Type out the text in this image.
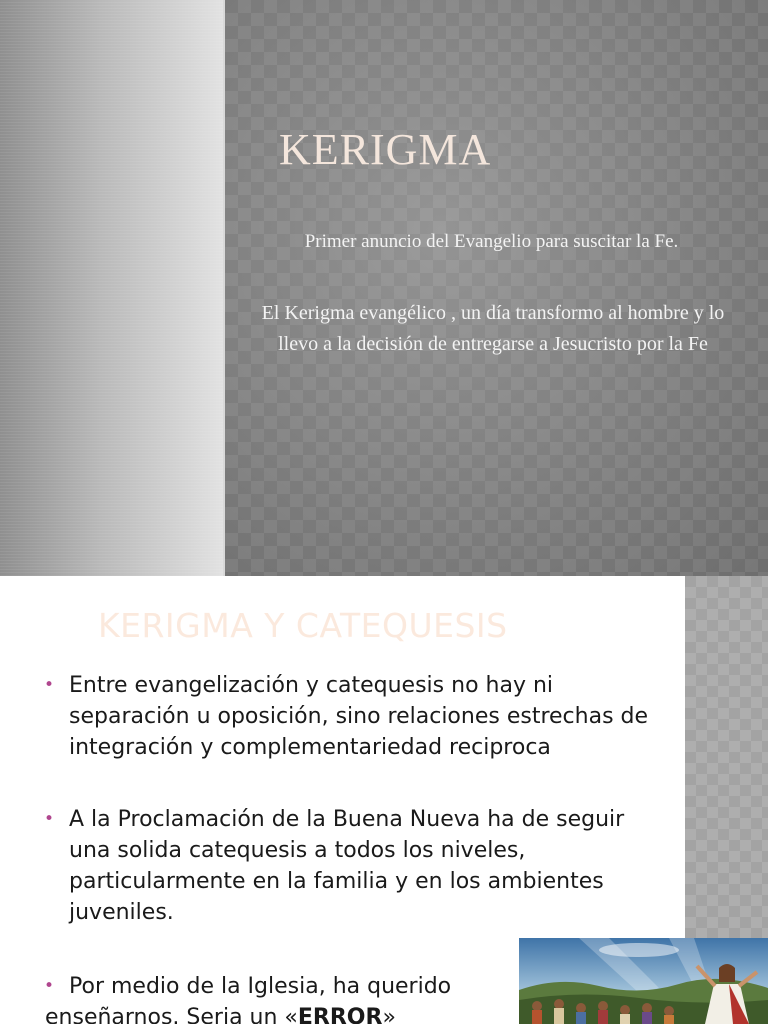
KERIGMA
Primer anuncio del Evangelio para suscitar la Fe.
El Kerigma evangélico , un día transformo al hombre y lo llevo a la decisión de entregarse a Jesucristo por la Fe
KERIGMA Y CATEQUESIS
• Entre evangelización y catequesis no hay ni separación u oposición, sino relaciones estrechas de integración y complementariedad reciproca
• A la Proclamación de la Buena Nueva ha de seguir una solida catequesis a todos los niveles, particularmente en la familia y en los ambientes juveniles.
• Por medio de la Iglesia, ha querido
enseñarnos. Seria un «ERROR»
